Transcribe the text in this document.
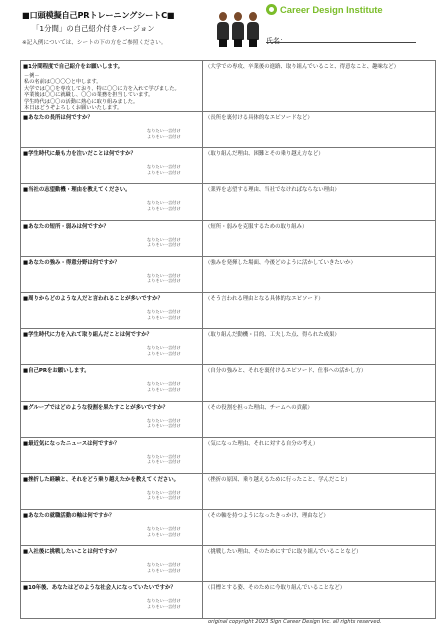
■口頭模擬自己PRトレーニングシートC■
「1分間」の自己紹介付きバージョン
※記入例については、シートの下の方をご参照ください。
Career Design Institute
氏名：
■1分間程度で自己紹介をお願いします。
－例－
私の名前は〇〇〇〇と申します。
大学では〇〇を専攻しており、特に〇〇に力を入れて学びました。
卒業後は〇〇に就職し、〇〇の業務を担当しています。
学生時代は〇〇の活動に熱心に取り組みました。
本日はどうぞよろしくお願いいたします。
（大学での専攻、卒業後の進路、取り組んでいること、得意なこと、趣味など）
■あなたの長所は何ですか？
なりたい一言付け
よりそい一言付け
（長所を裏付ける具体的なエピソードなど）
■学生時代に最も力を注いだことは何ですか？
なりたい一言付け
よりそい一言付け
（取り組んだ理由、困難とその乗り越え方など）
■当社の志望動機・理由を教えてください。
なりたい一言付け
よりそい一言付け
（業界を志望する理由、当社でなければならない理由）
■あなたの短所・弱みは何ですか？
なりたい一言付け
よりそい一言付け
（短所・弱みを克服するための取り組み）
■あなたの強み・得意分野は何ですか？
なりたい一言付け
よりそい一言付け
（強みを発揮した場面、今後どのように活かしていきたいか）
■周りからどのような人だと言われることが多いですか？
なりたい一言付け
よりそい一言付け
（そう言われる理由となる具体的なエピソード）
■学生時代に力を入れて取り組んだことは何ですか？
なりたい一言付け
よりそい一言付け
（取り組んだ動機・目的、工夫した点、得られた成果）
■自己PRをお願いします。
なりたい一言付け
よりそい一言付け
（自分の強みと、それを裏付けるエピソード、仕事への活かし方）
■グループではどのような役割を果たすことが多いですか？
なりたい一言付け
よりそい一言付け
（その役割を担った理由、チームへの貢献）
■最近気になったニュースは何ですか？
なりたい一言付け
よりそい一言付け
（気になった理由、それに対する自分の考え）
■挫折した経験と、それをどう乗り越えたかを教えてください。
なりたい一言付け
よりそい一言付け
（挫折の原因、乗り越えるために行ったこと、学んだこと）
■あなたの就職活動の軸は何ですか？
なりたい一言付け
よりそい一言付け
（その軸を持つようになったきっかけ、理由など）
■入社後に挑戦したいことは何ですか？
なりたい一言付け
よりそい一言付け
（挑戦したい理由、そのためにすでに取り組んでいることなど）
■10年後、あなたはどのような社会人になっていたいですか？
なりたい一言付け
よりそい一言付け
（目標とする姿、そのために今取り組んでいることなど）
original copyright 2023 Sign Career Design Inc. all rights reserved.
